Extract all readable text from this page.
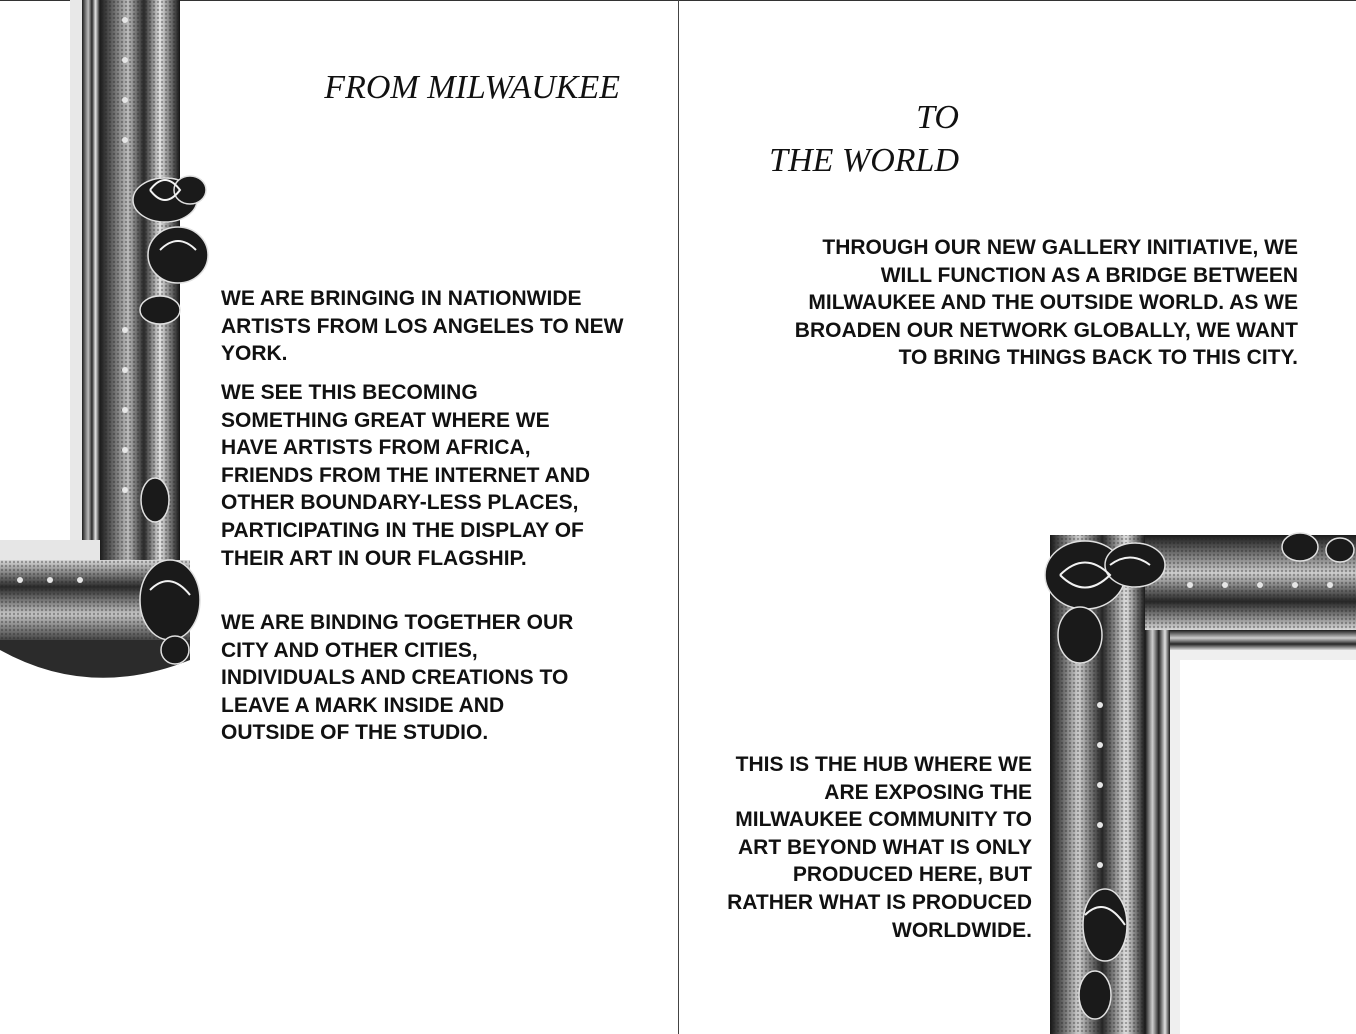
FROM MILWAUKEE
TO
THE WORLD

WE ARE BRINGING IN NATIONWIDE ARTISTS FROM LOS ANGELES TO NEW YORK.

WE SEE THIS BECOMING SOMETHING GREAT WHERE WE HAVE ARTISTS FROM AFRICA, FRIENDS FROM THE INTERNET AND OTHER BOUNDARY-LESS PLACES, PARTICIPATING IN THE DISPLAY OF THEIR ART IN OUR FLAGSHIP.

WE ARE BINDING TOGETHER OUR CITY AND OTHER CITIES, INDIVIDUALS AND CREATIONS TO LEAVE A MARK INSIDE AND OUTSIDE OF THE STUDIO.

THROUGH OUR NEW GALLERY INITIATIVE, WE WILL FUNCTION AS A BRIDGE BETWEEN MILWAUKEE AND THE OUTSIDE WORLD. AS WE BROADEN OUR NETWORK GLOBALLY, WE WANT TO BRING THINGS BACK TO THIS CITY.

THIS IS THE HUB WHERE WE ARE EXPOSING THE MILWAUKEE COMMUNITY TO ART BEYOND WHAT IS ONLY PRODUCED HERE, BUT RATHER WHAT IS PRODUCED WORLDWIDE.
